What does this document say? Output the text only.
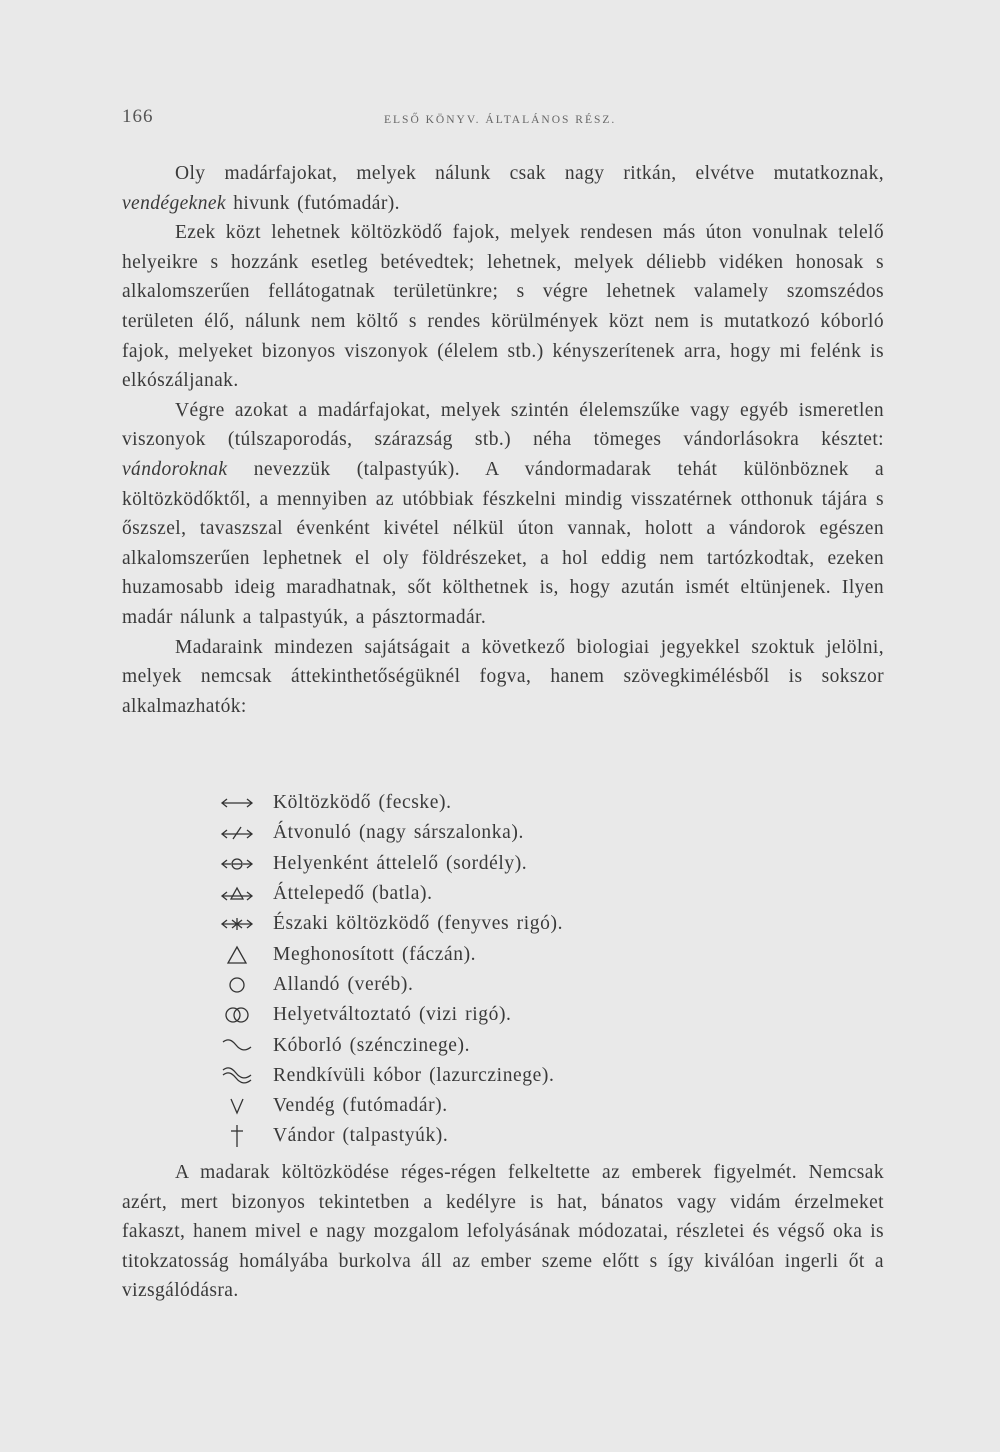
166	ELSŐ KÖNYV. ÁLTALÁNOS RÉSZ.

Oly madárfajokat, melyek nálunk csak nagy ritkán, elvétve mutatkoznak, vendégeknek hivunk (futómadár).

Ezek közt lehetnek költözködő fajok, melyek rendesen más úton vonulnak telelő helyeikre s hozzánk esetleg betévedtek; lehetnek, melyek déliebb vidéken honosak s alkalomszerűen fellátogatnak területünkre; s végre lehetnek valamely szomszédos területen élő, nálunk nem költő s rendes körülmények közt nem is mutatkozó kóborló fajok, melyeket bizonyos viszonyok (élelem stb.) kényszerítenek arra, hogy mi felénk is elkószáljanak.

Végre azokat a madárfajokat, melyek szintén élelemszűke vagy egyéb ismeretlen viszonyok (túlszaporodás, szárazság stb.) néha tömeges vándorlásokra késztet: vándoroknak nevezzük (talpastyúk). A vándormadarak tehát különböznek a költözködőktől, a mennyiben az utóbbiak fészkelni mindig visszatérnek otthonuk tájára s őszszel, tavaszszal évenként kivétel nélkül úton vannak, holott a vándorok egészen alkalomszerűen lephetnek el oly földrészeket, a hol eddig nem tartózkodtak, ezeken huzamosabb ideig maradhatnak, sőt költhetnek is, hogy azután ismét eltünjenek. Ilyen madár nálunk a talpastyúk, a pásztormadár.

Madaraink mindezen sajátságait a következő biologiai jegyekkel szoktuk jelölni, melyek nemcsak áttekinthetőségüknél fogva, hanem szövegkimélésből is sokszor alkalmazhatók:

Költözködő (fecske).
Átvonuló (nagy sárszalonka).
Helyenként áttelelő (sordély).
Áttelepedő (batla).
Északi költözködő (fenyves rigó).
Meghonosított (fáczán).
Allandó (veréb).
Helyetváltoztató (vizi rigó).
Kóborló (szénczinege).
Rendkívüli kóbor (lazurczinege).
Vendég (futómadár).
Vándor (talpastyúk).

A madarak költözködése réges-régen felkeltette az emberek figyelmét. Nemcsak azért, mert bizonyos tekintetben a kedélyre is hat, bánatos vagy vidám érzelmeket fakaszt, hanem mivel e nagy mozgalom lefolyásának módozatai, részletei és végső oka is titokzatosság homályába burkolva áll az ember szeme előtt s így kiválóan ingerli őt a vizsgálódásra.
